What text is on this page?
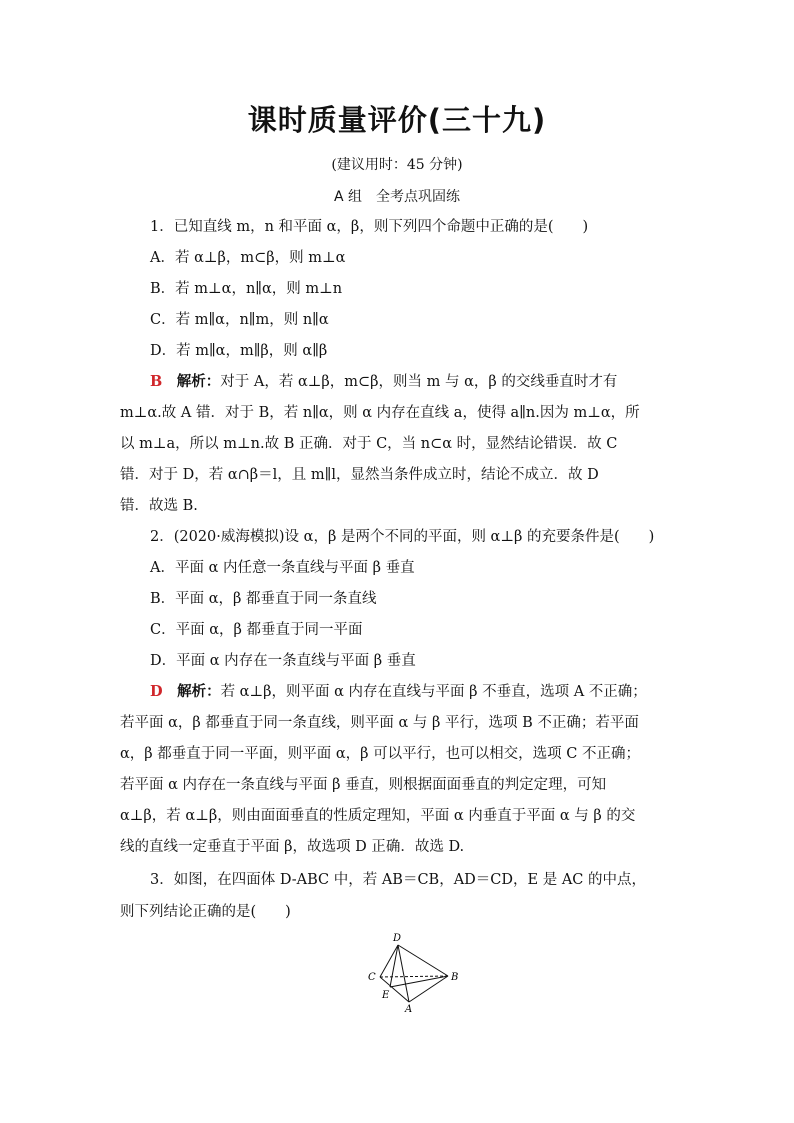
课时质量评价(三十九)
(建议用时：45 分钟)
A 组　全考点巩固练
1．已知直线 m，n 和平面 α，β，则下列四个命题中正确的是(　　)
A．若 α⊥β，m⊂β，则 m⊥α
B．若 m⊥α，n∥α，则 m⊥n
C．若 m∥α，n∥m，则 n∥α
D．若 m∥α，m∥β，则 α∥β
B　 解析：对于 A，若 α⊥β，m⊂β，则当 m 与 α，β 的交线垂直时才有
m⊥α.故 A 错．对于 B，若 n∥α，则 α 内存在直线 a，使得 a∥n.因为 m⊥α，所
以 m⊥a，所以 m⊥n.故 B 正确．对于 C，当 n⊂α 时，显然结论错误．故 C
错．对于 D，若 α∩β＝l，且 m∥l，显然当条件成立时，结论不成立．故 D
错．故选 B.
2．(2020·威海模拟)设 α，β 是两个不同的平面，则 α⊥β 的充要条件是(　　)
A．平面 α 内任意一条直线与平面 β 垂直
B．平面 α，β 都垂直于同一条直线
C．平面 α，β 都垂直于同一平面
D．平面 α 内存在一条直线与平面 β 垂直
D　 解析：若 α⊥β，则平面 α 内存在直线与平面 β 不垂直，选项 A 不正确；
若平面 α，β 都垂直于同一条直线，则平面 α 与 β 平行，选项 B 不正确；若平面
α，β 都垂直于同一平面，则平面 α，β 可以平行，也可以相交，选项 C 不正确；
若平面 α 内存在一条直线与平面 β 垂直，则根据面面垂直的判定定理，可知
α⊥β，若 α⊥β，则由面面垂直的性质定理知，平面 α 内垂直于平面 α 与 β 的交
线的直线一定垂直于平面 β，故选项 D 正确．故选 D.
3．如图，在四面体 D-ABC 中，若 AB＝CB，AD＝CD，E 是 AC 的中点，
则下列结论正确的是(　　)
D
C	B
E
A
